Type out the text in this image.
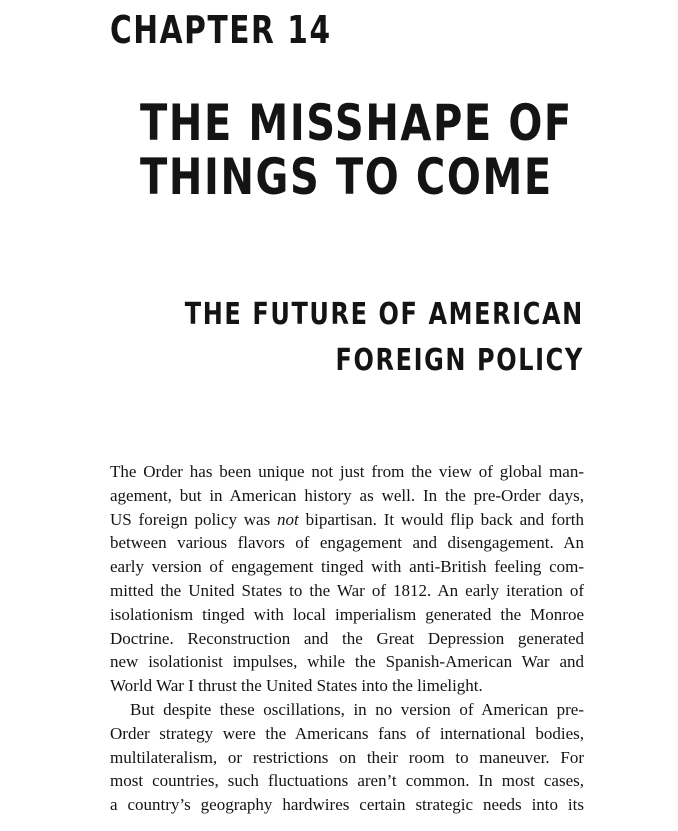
CHAPTER 14
THE MISSHAPE OF
THINGS TO COME
THE FUTURE OF AMERICAN
FOREIGN POLICY

The Order has been unique not just from the view of global man-
agement, but in American history as well. In the pre-Order days,
US foreign policy was not bipartisan. It would flip back and forth
between various flavors of engagement and disengagement. An
early version of engagement tinged with anti-British feeling com-
mitted the United States to the War of 1812. An early iteration of
isolationism tinged with local imperialism generated the Monroe
Doctrine. Reconstruction and the Great Depression generated
new isolationist impulses, while the Spanish-American War and
World War I thrust the United States into the limelight.

But despite these oscillations, in no version of American pre-
Order strategy were the Americans fans of international bodies,
multilateralism, or restrictions on their room to maneuver. For
most countries, such fluctuations aren’t common. In most cases,
a country’s geography hardwires certain strategic needs into its
